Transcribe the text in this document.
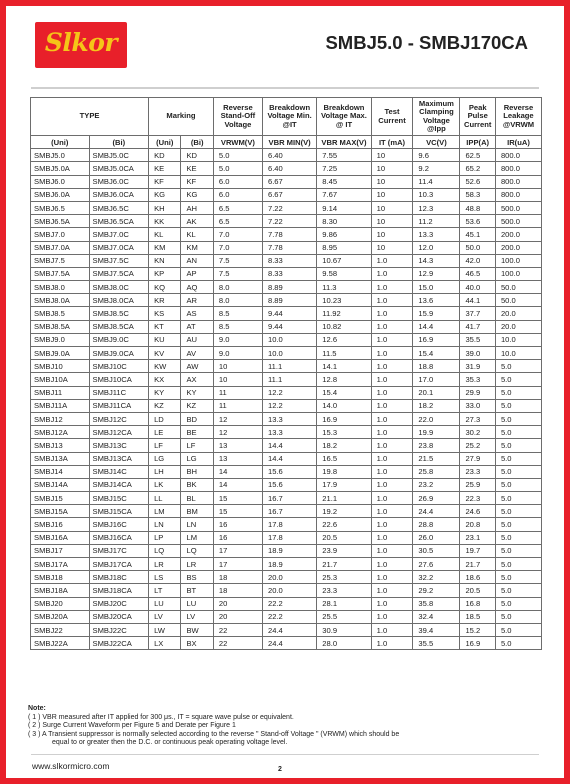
Slkor	SMBJ5.0 - SMBJ170CA
TYPE		Marking		Reverse Stand-Off Voltage	Breakdown Voltage Min. @IT	Breakdown Voltage Max. @ IT	Test Current	Maximum Clamping Voltage @Ipp	Peak Pulse Current	Reverse Leakage @VRWM
(Uni)	(Bi)	(Uni)	(Bi)	VRWM(V)	VBR MIN(V)	VBR MAX(V)	IT (mA)	VC(V)	IPP(A)	IR(uA)
SMBJ5.0	SMBJ5.0C	KD	KD	5.0	6.40	7.55	10	9.6	62.5	800.0
SMBJ5.0A	SMBJ5.0CA	KE	KE	5.0	6.40	7.25	10	9.2	65.2	800.0
SMBJ6.0	SMBJ6.0C	KF	KF	6.0	6.67	8.45	10	11.4	52.6	800.0
SMBJ6.0A	SMBJ6.0CA	KG	KG	6.0	6.67	7.67	10	10.3	58.3	800.0
SMBJ6.5	SMBJ6.5C	KH	AH	6.5	7.22	9.14	10	12.3	48.8	500.0
SMBJ6.5A	SMBJ6.5CA	KK	AK	6.5	7.22	8.30	10	11.2	53.6	500.0
SMBJ7.0	SMBJ7.0C	KL	KL	7.0	7.78	9.86	10	13.3	45.1	200.0
SMBJ7.0A	SMBJ7.0CA	KM	KM	7.0	7.78	8.95	10	12.0	50.0	200.0
SMBJ7.5	SMBJ7.5C	KN	AN	7.5	8.33	10.67	1.0	14.3	42.0	100.0
SMBJ7.5A	SMBJ7.5CA	KP	AP	7.5	8.33	9.58	1.0	12.9	46.5	100.0
SMBJ8.0	SMBJ8.0C	KQ	AQ	8.0	8.89	11.3	1.0	15.0	40.0	50.0
SMBJ8.0A	SMBJ8.0CA	KR	AR	8.0	8.89	10.23	1.0	13.6	44.1	50.0
SMBJ8.5	SMBJ8.5C	KS	AS	8.5	9.44	11.92	1.0	15.9	37.7	20.0
SMBJ8.5A	SMBJ8.5CA	KT	AT	8.5	9.44	10.82	1.0	14.4	41.7	20.0
SMBJ9.0	SMBJ9.0C	KU	AU	9.0	10.0	12.6	1.0	16.9	35.5	10.0
SMBJ9.0A	SMBJ9.0CA	KV	AV	9.0	10.0	11.5	1.0	15.4	39.0	10.0
SMBJ10	SMBJ10C	KW	AW	10	11.1	14.1	1.0	18.8	31.9	5.0
SMBJ10A	SMBJ10CA	KX	AX	10	11.1	12.8	1.0	17.0	35.3	5.0
SMBJ11	SMBJ11C	KY	KY	11	12.2	15.4	1.0	20.1	29.9	5.0
SMBJ11A	SMBJ11CA	KZ	KZ	11	12.2	14.0	1.0	18.2	33.0	5.0
SMBJ12	SMBJ12C	LD	BD	12	13.3	16.9	1.0	22.0	27.3	5.0
SMBJ12A	SMBJ12CA	LE	BE	12	13.3	15.3	1.0	19.9	30.2	5.0
SMBJ13	SMBJ13C	LF	LF	13	14.4	18.2	1.0	23.8	25.2	5.0
SMBJ13A	SMBJ13CA	LG	LG	13	14.4	16.5	1.0	21.5	27.9	5.0
SMBJ14	SMBJ14C	LH	BH	14	15.6	19.8	1.0	25.8	23.3	5.0
SMBJ14A	SMBJ14CA	LK	BK	14	15.6	17.9	1.0	23.2	25.9	5.0
SMBJ15	SMBJ15C	LL	BL	15	16.7	21.1	1.0	26.9	22.3	5.0
SMBJ15A	SMBJ15CA	LM	BM	15	16.7	19.2	1.0	24.4	24.6	5.0
SMBJ16	SMBJ16C	LN	LN	16	17.8	22.6	1.0	28.8	20.8	5.0
SMBJ16A	SMBJ16CA	LP	LM	16	17.8	20.5	1.0	26.0	23.1	5.0
SMBJ17	SMBJ17C	LQ	LQ	17	18.9	23.9	1.0	30.5	19.7	5.0
SMBJ17A	SMBJ17CA	LR	LR	17	18.9	21.7	1.0	27.6	21.7	5.0
SMBJ18	SMBJ18C	LS	BS	18	20.0	25.3	1.0	32.2	18.6	5.0
SMBJ18A	SMBJ18CA	LT	BT	18	20.0	23.3	1.0	29.2	20.5	5.0
SMBJ20	SMBJ20C	LU	LU	20	22.2	28.1	1.0	35.8	16.8	5.0
SMBJ20A	SMBJ20CA	LV	LV	20	22.2	25.5	1.0	32.4	18.5	5.0
SMBJ22	SMBJ22C	LW	BW	22	24.4	30.9	1.0	39.4	15.2	5.0
SMBJ22A	SMBJ22CA	LX	BX	22	24.4	28.0	1.0	35.5	16.9	5.0
Note:
( 1 ) VBR measured after IT applied for 300 μs., IT = square wave pulse or equivalent.
( 2 ) Surge Current Waveform per Figure 5 and Derate per Figure 1
( 3 ) A Transient suppressor is normally selected according to the reverse " Stand-off Voltage " (VRWM) which should be
equal to or greater then the D.C. or continuous peak operating voltage level.
www.slkormicro.com	2
